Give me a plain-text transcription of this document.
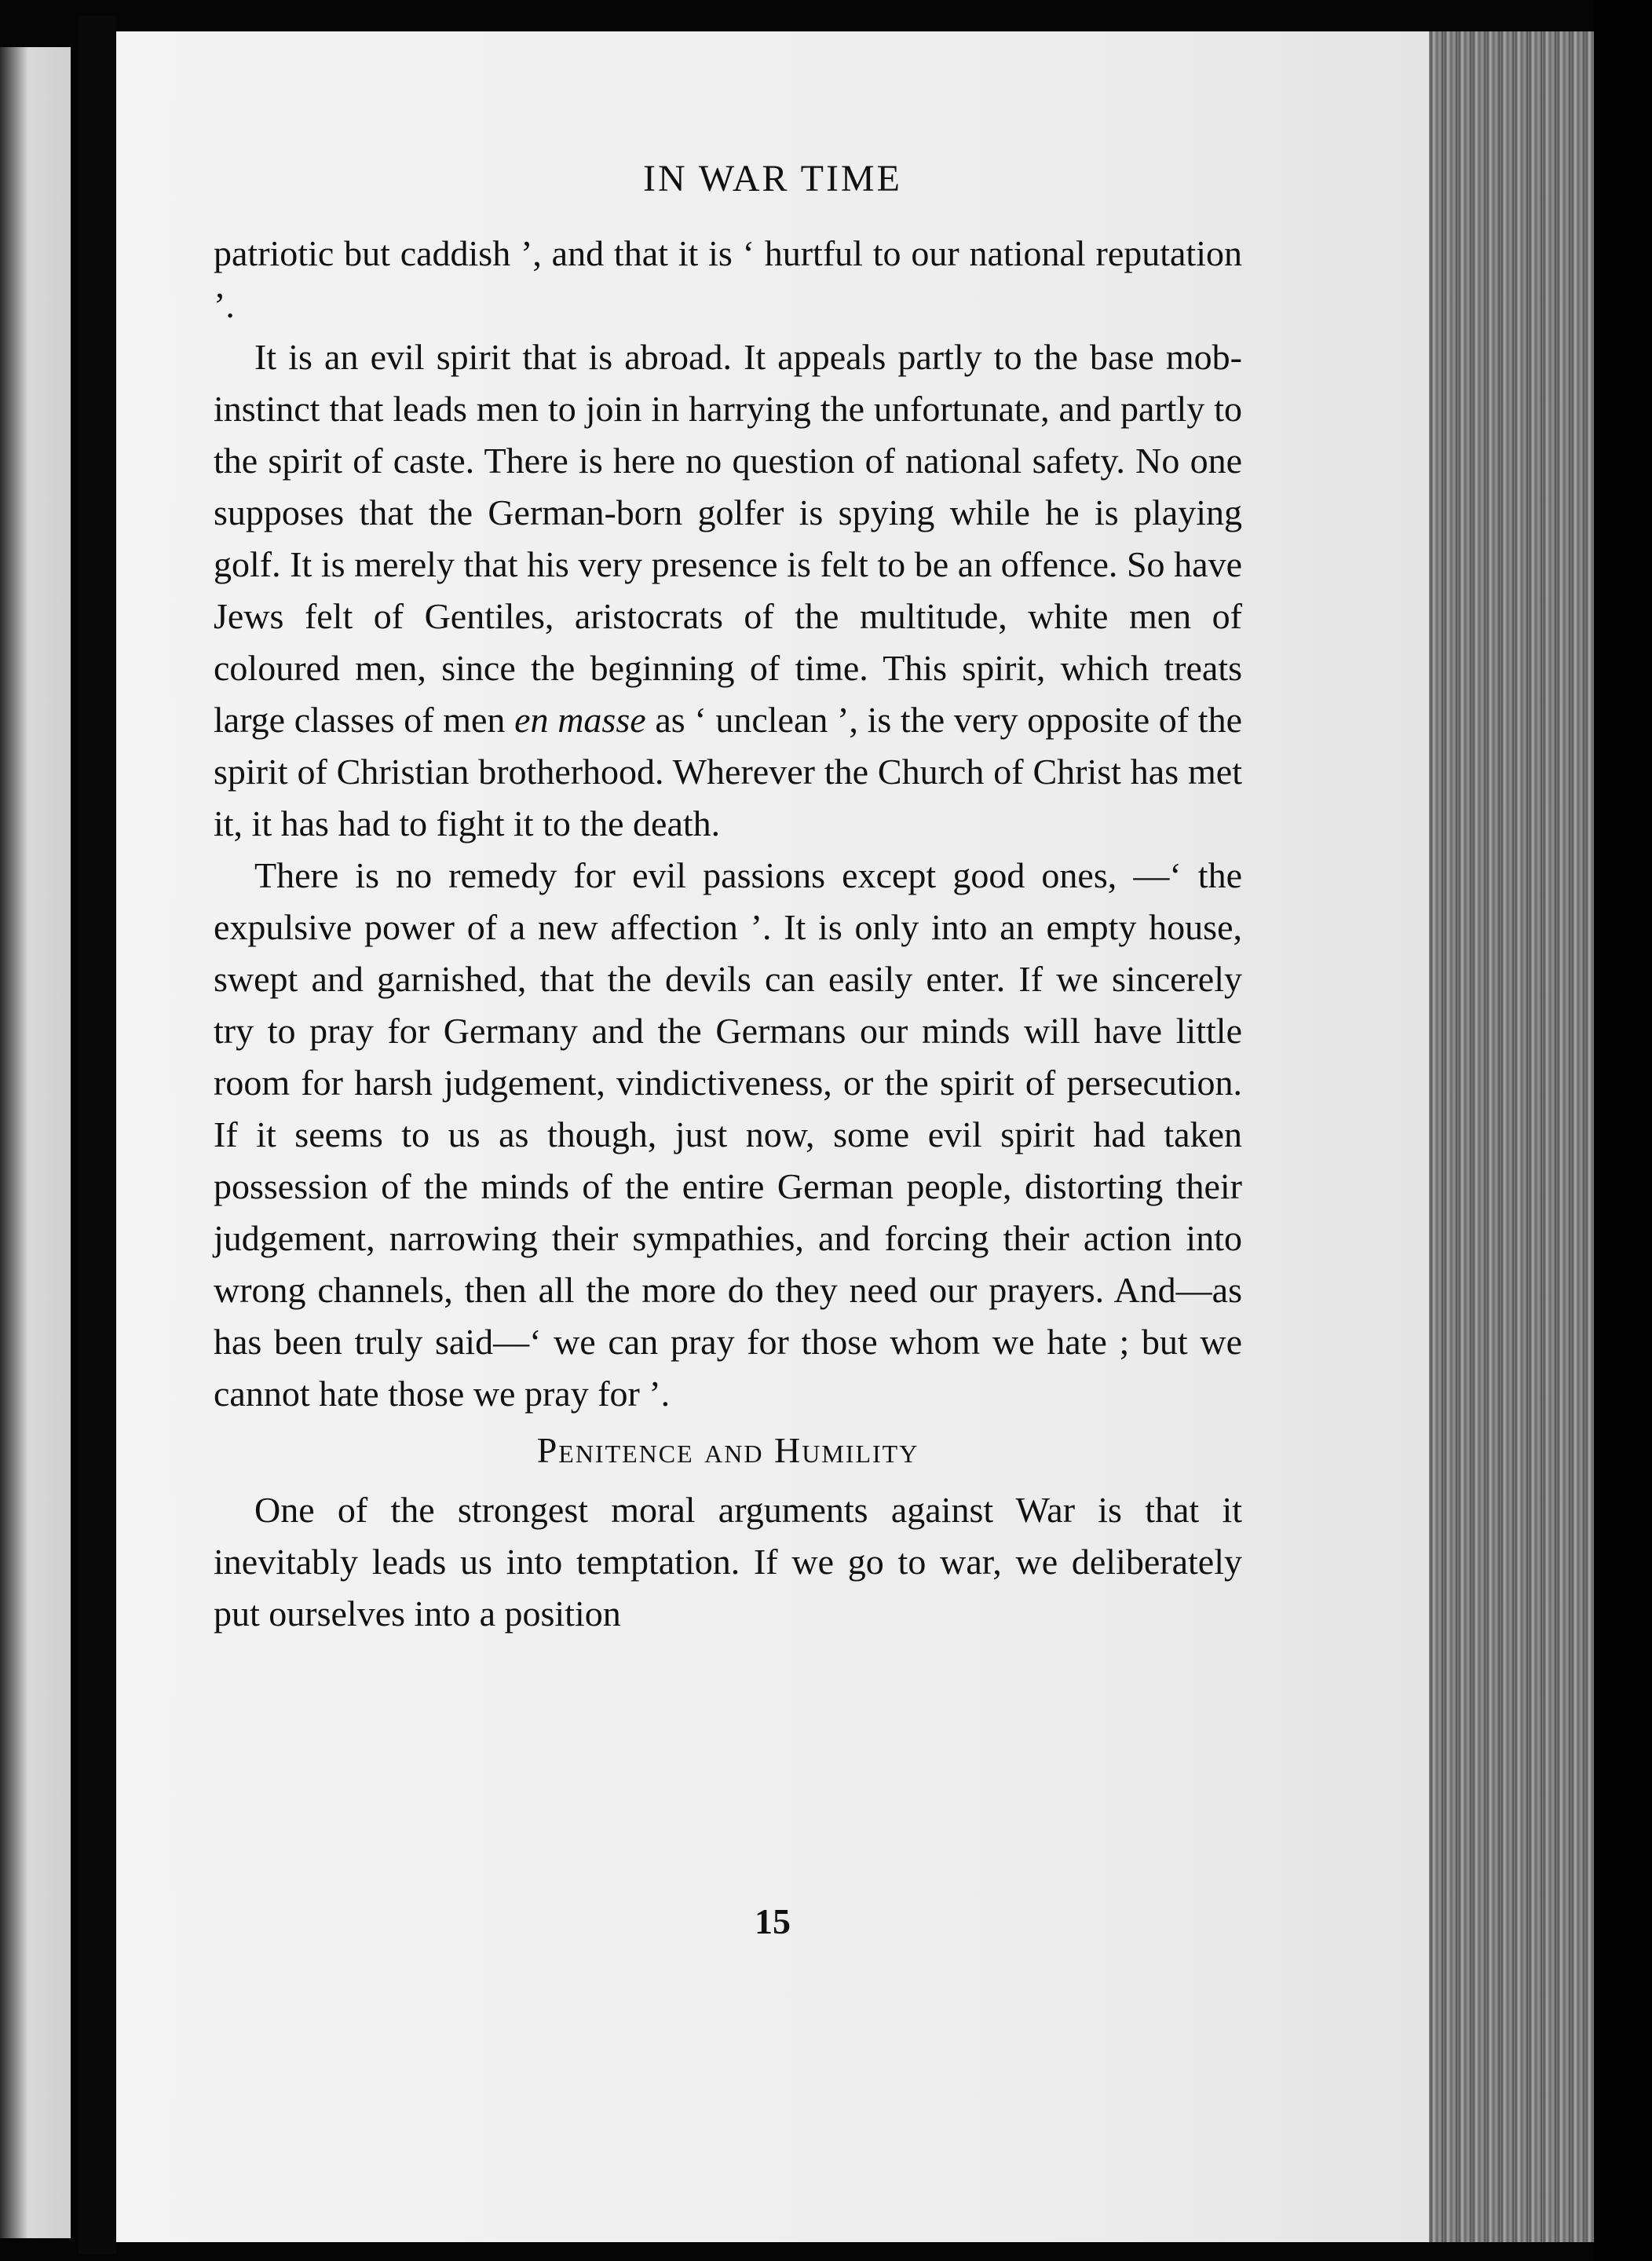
IN WAR TIME

patriotic but caddish ’, and that it is ‘ hurtful to our national reputation ’.

It is an evil spirit that is abroad. It appeals partly to the base mob-instinct that leads men to join in harrying the unfortunate, and partly to the spirit of caste. There is here no question of national safety. No one supposes that the German-born golfer is spying while he is playing golf. It is merely that his very presence is felt to be an offence. So have Jews felt of Gentiles, aristocrats of the multitude, white men of coloured men, since the beginning of time. This spirit, which treats large classes of men en masse as ‘ unclean ’, is the very opposite of the spirit of Christian brotherhood. Wherever the Church of Christ has met it, it has had to fight it to the death.

There is no remedy for evil passions except good ones, —‘ the expulsive power of a new affection ’. It is only into an empty house, swept and garnished, that the devils can easily enter. If we sincerely try to pray for Germany and the Germans our minds will have little room for harsh judgement, vindictiveness, or the spirit of persecution. If it seems to us as though, just now, some evil spirit had taken possession of the minds of the entire German people, distorting their judgement, narrowing their sympathies, and forcing their action into wrong channels, then all the more do they need our prayers. And—as has been truly said—‘ we can pray for those whom we hate ; but we cannot hate those we pray for ’.

Penitence and Humility

One of the strongest moral arguments against War is that it inevitably leads us into temptation. If we go to war, we deliberately put ourselves into a position

15
